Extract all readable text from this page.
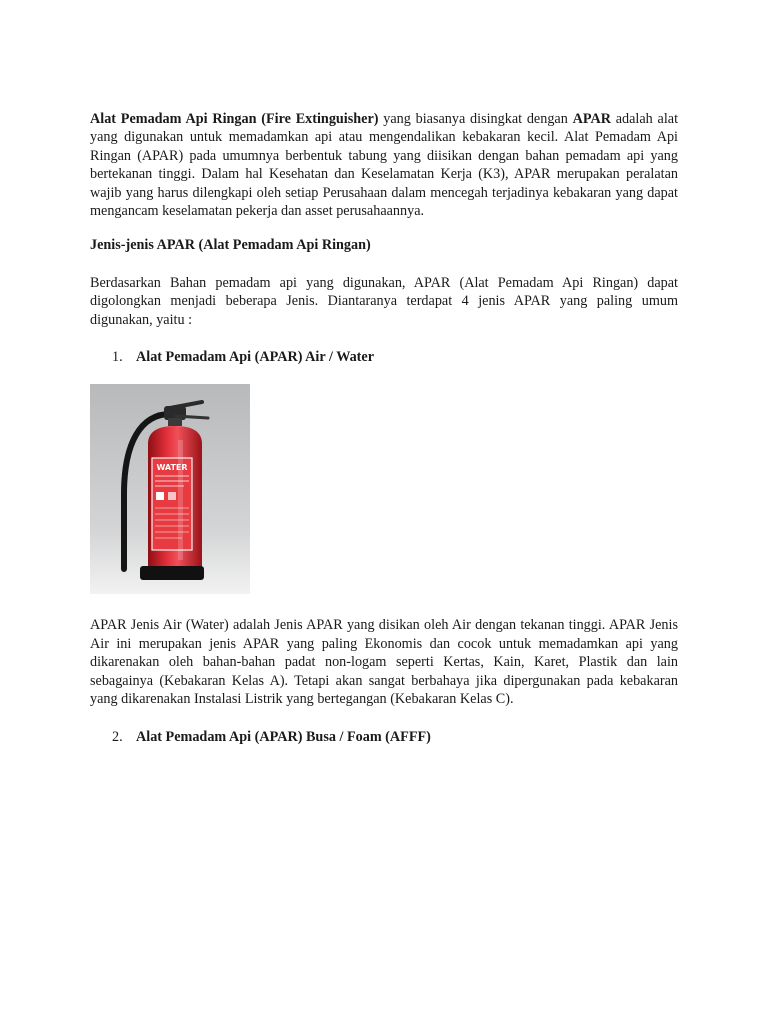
Alat Pemadam Api Ringan (Fire Extinguisher) yang biasanya disingkat dengan APAR adalah alat yang digunakan untuk memadamkan api atau mengendalikan kebakaran kecil. Alat Pemadam Api Ringan (APAR) pada umumnya berbentuk tabung yang diisikan dengan bahan pemadam api yang bertekanan tinggi. Dalam hal Kesehatan dan Keselamatan Kerja (K3), APAR merupakan peralatan wajib yang harus dilengkapi oleh setiap Perusahaan dalam mencegah terjadinya kebakaran yang dapat mengancam keselamatan pekerja dan asset perusahaannya.

Jenis-jenis APAR (Alat Pemadam Api Ringan)

Berdasarkan Bahan pemadam api yang digunakan, APAR (Alat Pemadam Api Ringan) dapat digolongkan menjadi beberapa Jenis. Diantaranya terdapat 4 jenis APAR yang paling umum digunakan, yaitu :

1. Alat Pemadam Api (APAR) Air / Water
WATER

APAR Jenis Air (Water) adalah Jenis APAR yang disikan oleh Air dengan tekanan tinggi. APAR Jenis Air ini merupakan jenis APAR yang paling Ekonomis dan cocok untuk memadamkan api yang dikarenakan oleh bahan-bahan padat non-logam seperti Kertas, Kain, Karet, Plastik dan lain sebagainya (Kebakaran Kelas A). Tetapi akan sangat berbahaya jika dipergunakan pada kebakaran yang dikarenakan Instalasi Listrik yang bertegangan (Kebakaran Kelas C).

2. Alat Pemadam Api (APAR) Busa / Foam (AFFF)
